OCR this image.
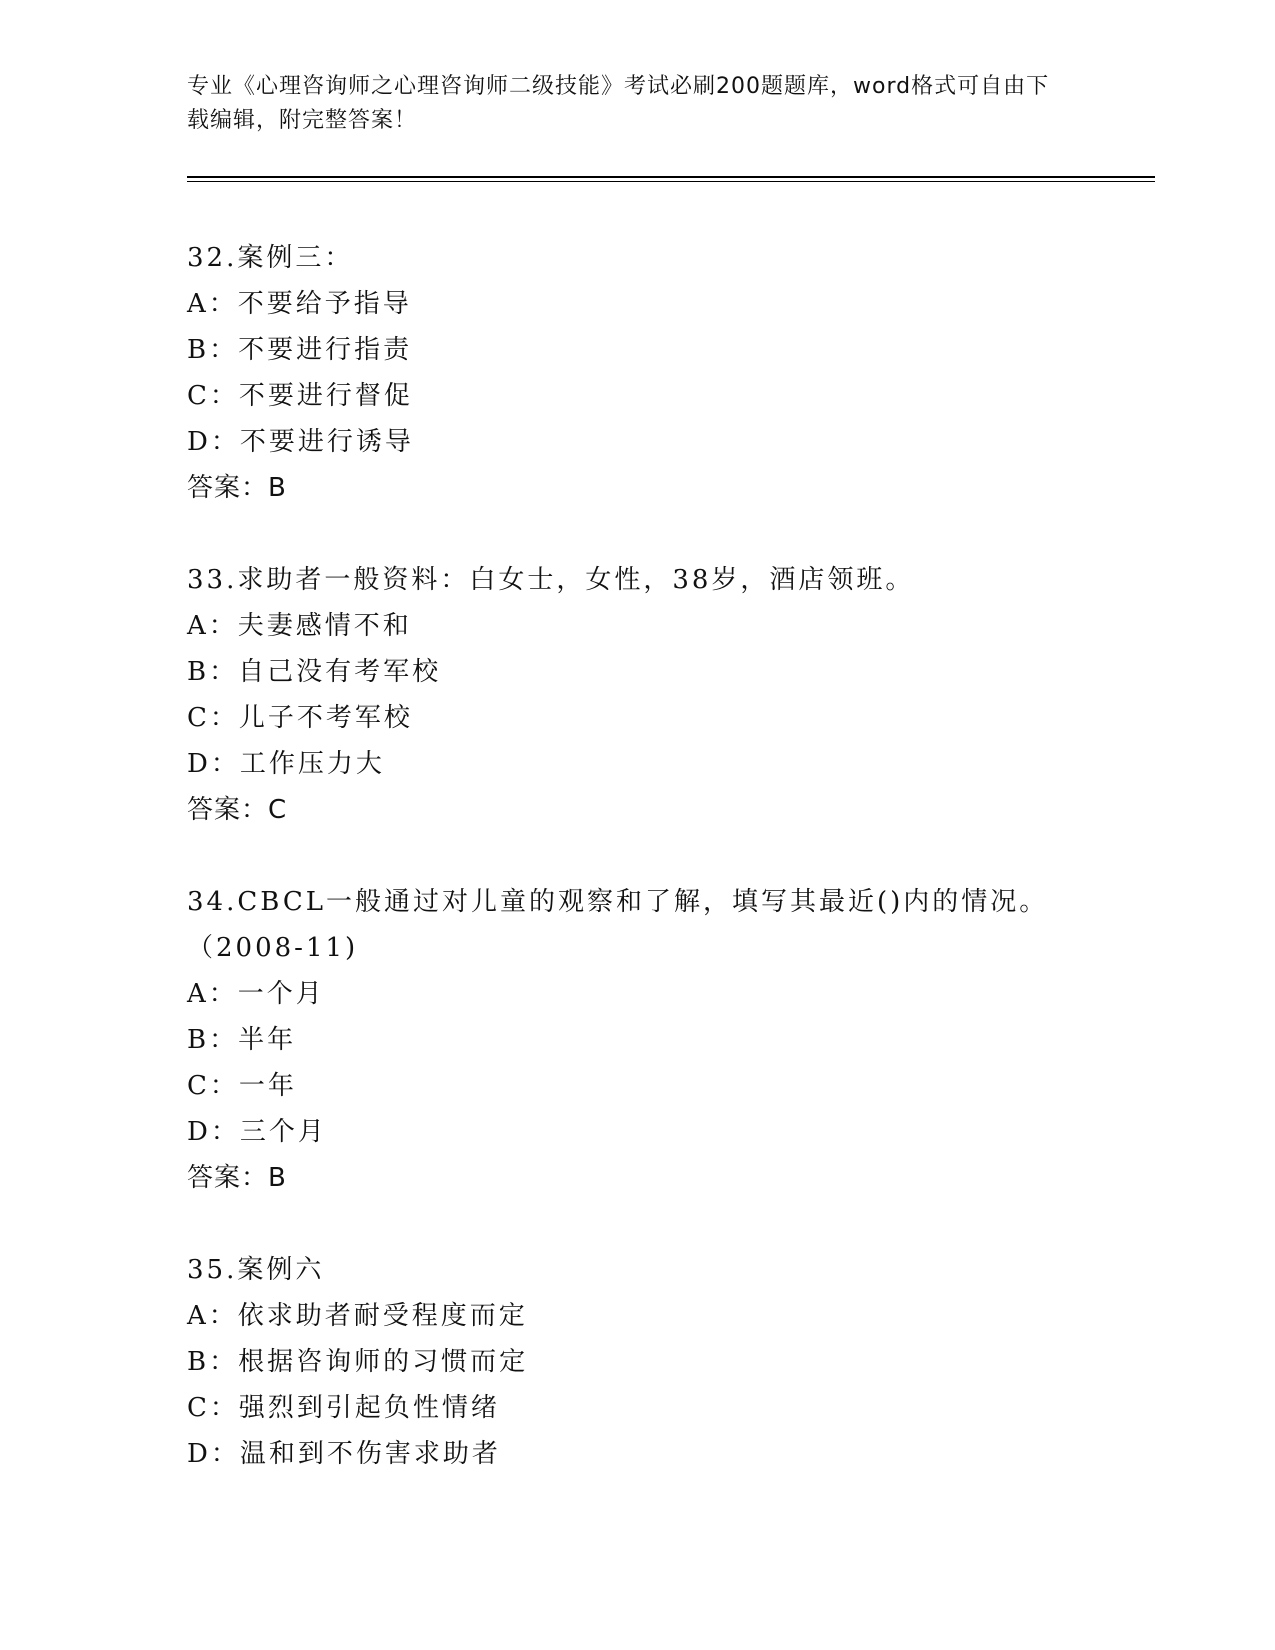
专业《心理咨询师之心理咨询师二级技能》考试必刷200题题库，word格式可自由下载编辑，附完整答案！
32.案例三：
A：不要给予指导
B：不要进行指责
C：不要进行督促
D：不要进行诱导
答案：B
33.求助者一般资料：白女士，女性，38岁，酒店领班。
A：夫妻感情不和
B：自己没有考军校
C：儿子不考军校
D：工作压力大
答案：C
34.CBCL一般通过对儿童的观察和了解，填写其最近()内的情况。（2008-11)
A：一个月
B：半年
C：一年
D：三个月
答案：B
35.案例六
A：依求助者耐受程度而定
B：根据咨询师的习惯而定
C：强烈到引起负性情绪
D：温和到不伤害求助者
